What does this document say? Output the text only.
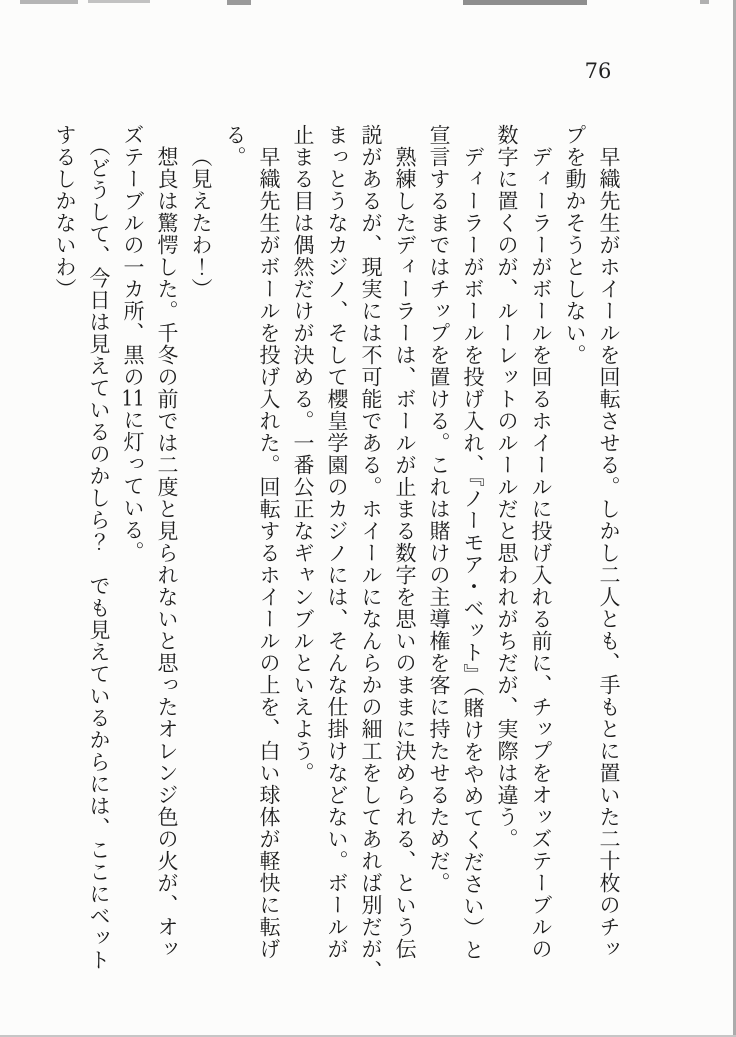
76

早織先生がホイールを回転させる。しかし二人とも、手もとに置いた二十枚のチッ

プを動かそうとしない。

ディーラーがボールを回るホイールに投げ入れる前に、チップをオッズテーブルの

数字に置くのが、ルーレットのルールだと思われがちだが、実際は違う。

ディーラーがボールを投げ入れ、『ノーモア・ベット』（賭けをやめてください）と

宣言するまではチップを置ける。これは賭けの主導権を客に持たせるためだ。

熟練したディーラーは、ボールが止まる数字を思いのままに決められる、という伝

説があるが、現実には不可能である。ホイールになんらかの細工をしてあれば別だが、

まっとうなカジノ、そして櫻皇学園のカジノには、そんな仕掛けなどない。ボールが

止まる目は偶然だけが決める。一番公正なギャンブルといえよう。

早織先生がボールを投げ入れた。回転するホイールの上を、白い球体が軽快に転げ

る。

（見えたわ！）

想良は驚愕した。千冬の前では二度と見られないと思ったオレンジ色の火が、オッ

ズテーブルの一カ所、黒の11に灯っている。

（どうして、今日は見えているのかしら？　でも見えているからには、ここにベット

するしかないわ）
